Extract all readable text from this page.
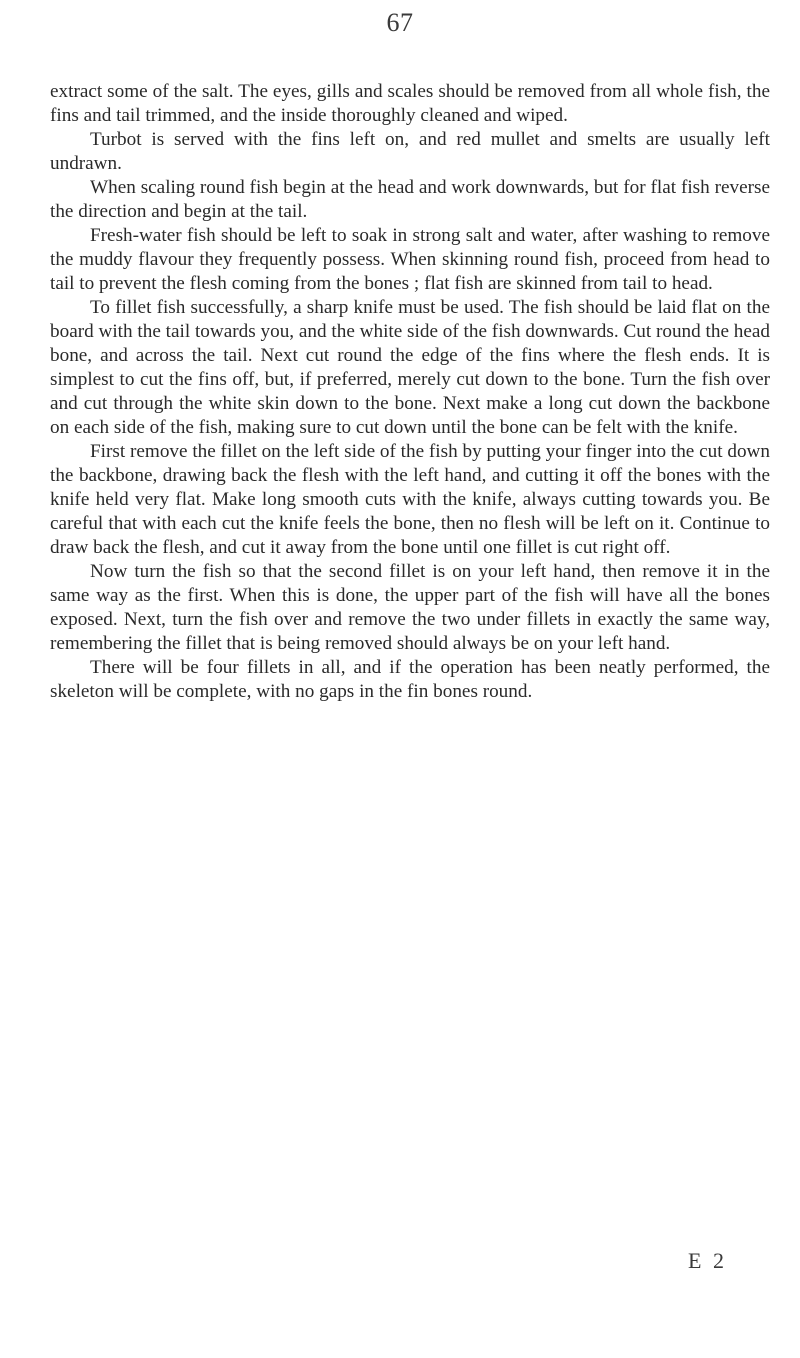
67

extract some of the salt. The eyes, gills and scales should be removed from all whole fish, the fins and tail trimmed, and the inside thoroughly cleaned and wiped.

Turbot is served with the fins left on, and red mullet and smelts are usually left undrawn.

When scaling round fish begin at the head and work downwards, but for flat fish reverse the direction and begin at the tail.

Fresh-water fish should be left to soak in strong salt and water, after washing to remove the muddy flavour they frequently possess. When skinning round fish, proceed from head to tail to prevent the flesh coming from the bones ; flat fish are skinned from tail to head.

To fillet fish successfully, a sharp knife must be used. The fish should be laid flat on the board with the tail towards you, and the white side of the fish downwards. Cut round the head bone, and across the tail. Next cut round the edge of the fins where the flesh ends. It is simplest to cut the fins off, but, if preferred, merely cut down to the bone. Turn the fish over and cut through the white skin down to the bone. Next make a long cut down the backbone on each side of the fish, making sure to cut down until the bone can be felt with the knife.

First remove the fillet on the left side of the fish by putting your finger into the cut down the backbone, drawing back the flesh with the left hand, and cutting it off the bones with the knife held very flat. Make long smooth cuts with the knife, always cutting towards you. Be careful that with each cut the knife feels the bone, then no flesh will be left on it. Continue to draw back the flesh, and cut it away from the bone until one fillet is cut right off.

Now turn the fish so that the second fillet is on your left hand, then remove it in the same way as the first. When this is done, the upper part of the fish will have all the bones exposed. Next, turn the fish over and remove the two under fillets in exactly the same way, remembering the fillet that is being removed should always be on your left hand.

There will be four fillets in all, and if the operation has been neatly performed, the skeleton will be complete, with no gaps in the fin bones round.

E 2
